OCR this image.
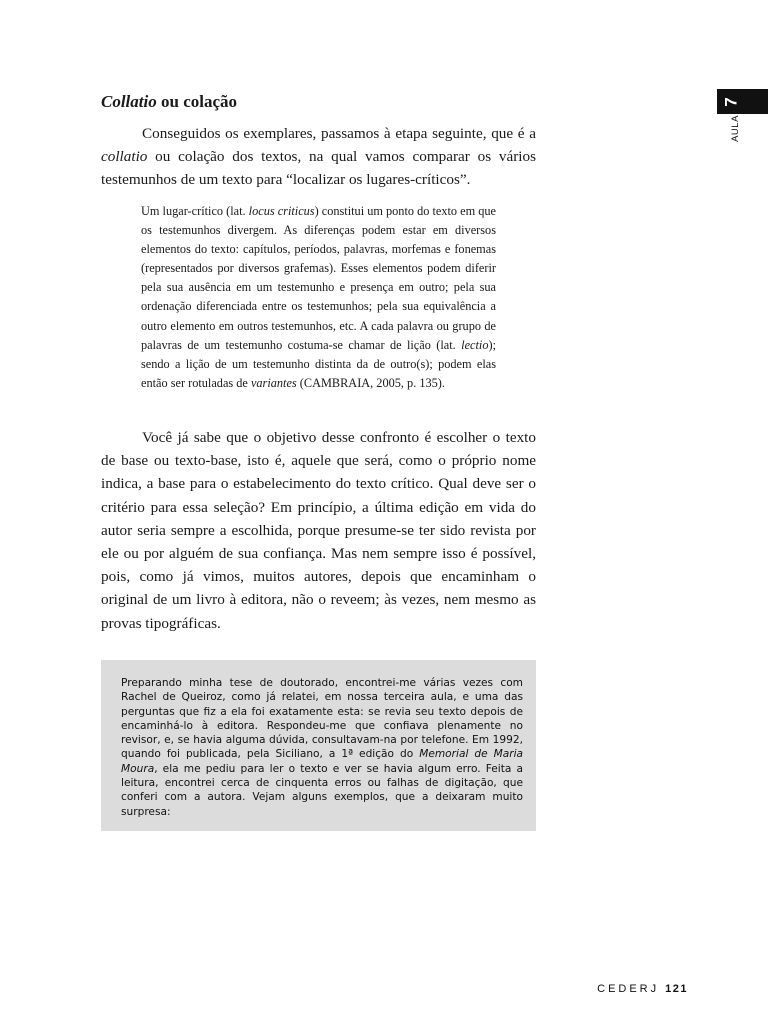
7
AULA
Collatio ou colação

Conseguidos os exemplares, passamos à etapa seguinte, que é a collatio ou colação dos textos, na qual vamos comparar os vários testemunhos de um texto para “localizar os lugares-críticos”.

Um lugar-crítico (lat. locus criticus) constitui um ponto do texto em que os testemunhos divergem. As diferenças podem estar em diversos elementos do texto: capítulos, períodos, palavras, morfemas e fonemas (representados por diversos grafemas). Esses elementos podem diferir pela sua ausência em um testemunho e presença em outro; pela sua ordenação diferenciada entre os testemunhos; pela sua equivalência a outro elemento em outros testemunhos, etc. A cada palavra ou grupo de palavras de um testemunho costuma-se chamar de lição (lat. lectio); sendo a lição de um testemunho distinta da de outro(s); podem elas então ser rotuladas de variantes (CAMBRAIA, 2005, p. 135).

Você já sabe que o objetivo desse confronto é escolher o texto de base ou texto-base, isto é, aquele que será, como o próprio nome indica, a base para o estabelecimento do texto crítico. Qual deve ser o critério para essa seleção? Em princípio, a última edição em vida do autor seria sempre a escolhida, porque presume-se ter sido revista por ele ou por alguém de sua confiança. Mas nem sempre isso é possível, pois, como já vimos, muitos autores, depois que encaminham o original de um livro à editora, não o reveem; às vezes, nem mesmo as provas tipográficas.

Preparando minha tese de doutorado, encontrei-me várias vezes com Rachel de Queiroz, como já relatei, em nossa terceira aula, e uma das perguntas que fiz a ela foi exatamente esta: se revia seu texto depois de encaminhá-lo à editora. Respondeu-me que confiava plenamente no revisor, e, se havia alguma dúvida, consultavam-na por telefone. Em 1992, quando foi publicada, pela Siciliano, a 1ª edição do Memorial de Maria Moura, ela me pediu para ler o texto e ver se havia algum erro. Feita a leitura, encontrei cerca de cinquenta erros ou falhas de digitação, que conferi com a autora. Vejam alguns exemplos, que a deixaram muito surpresa:

CEDERJ 121
